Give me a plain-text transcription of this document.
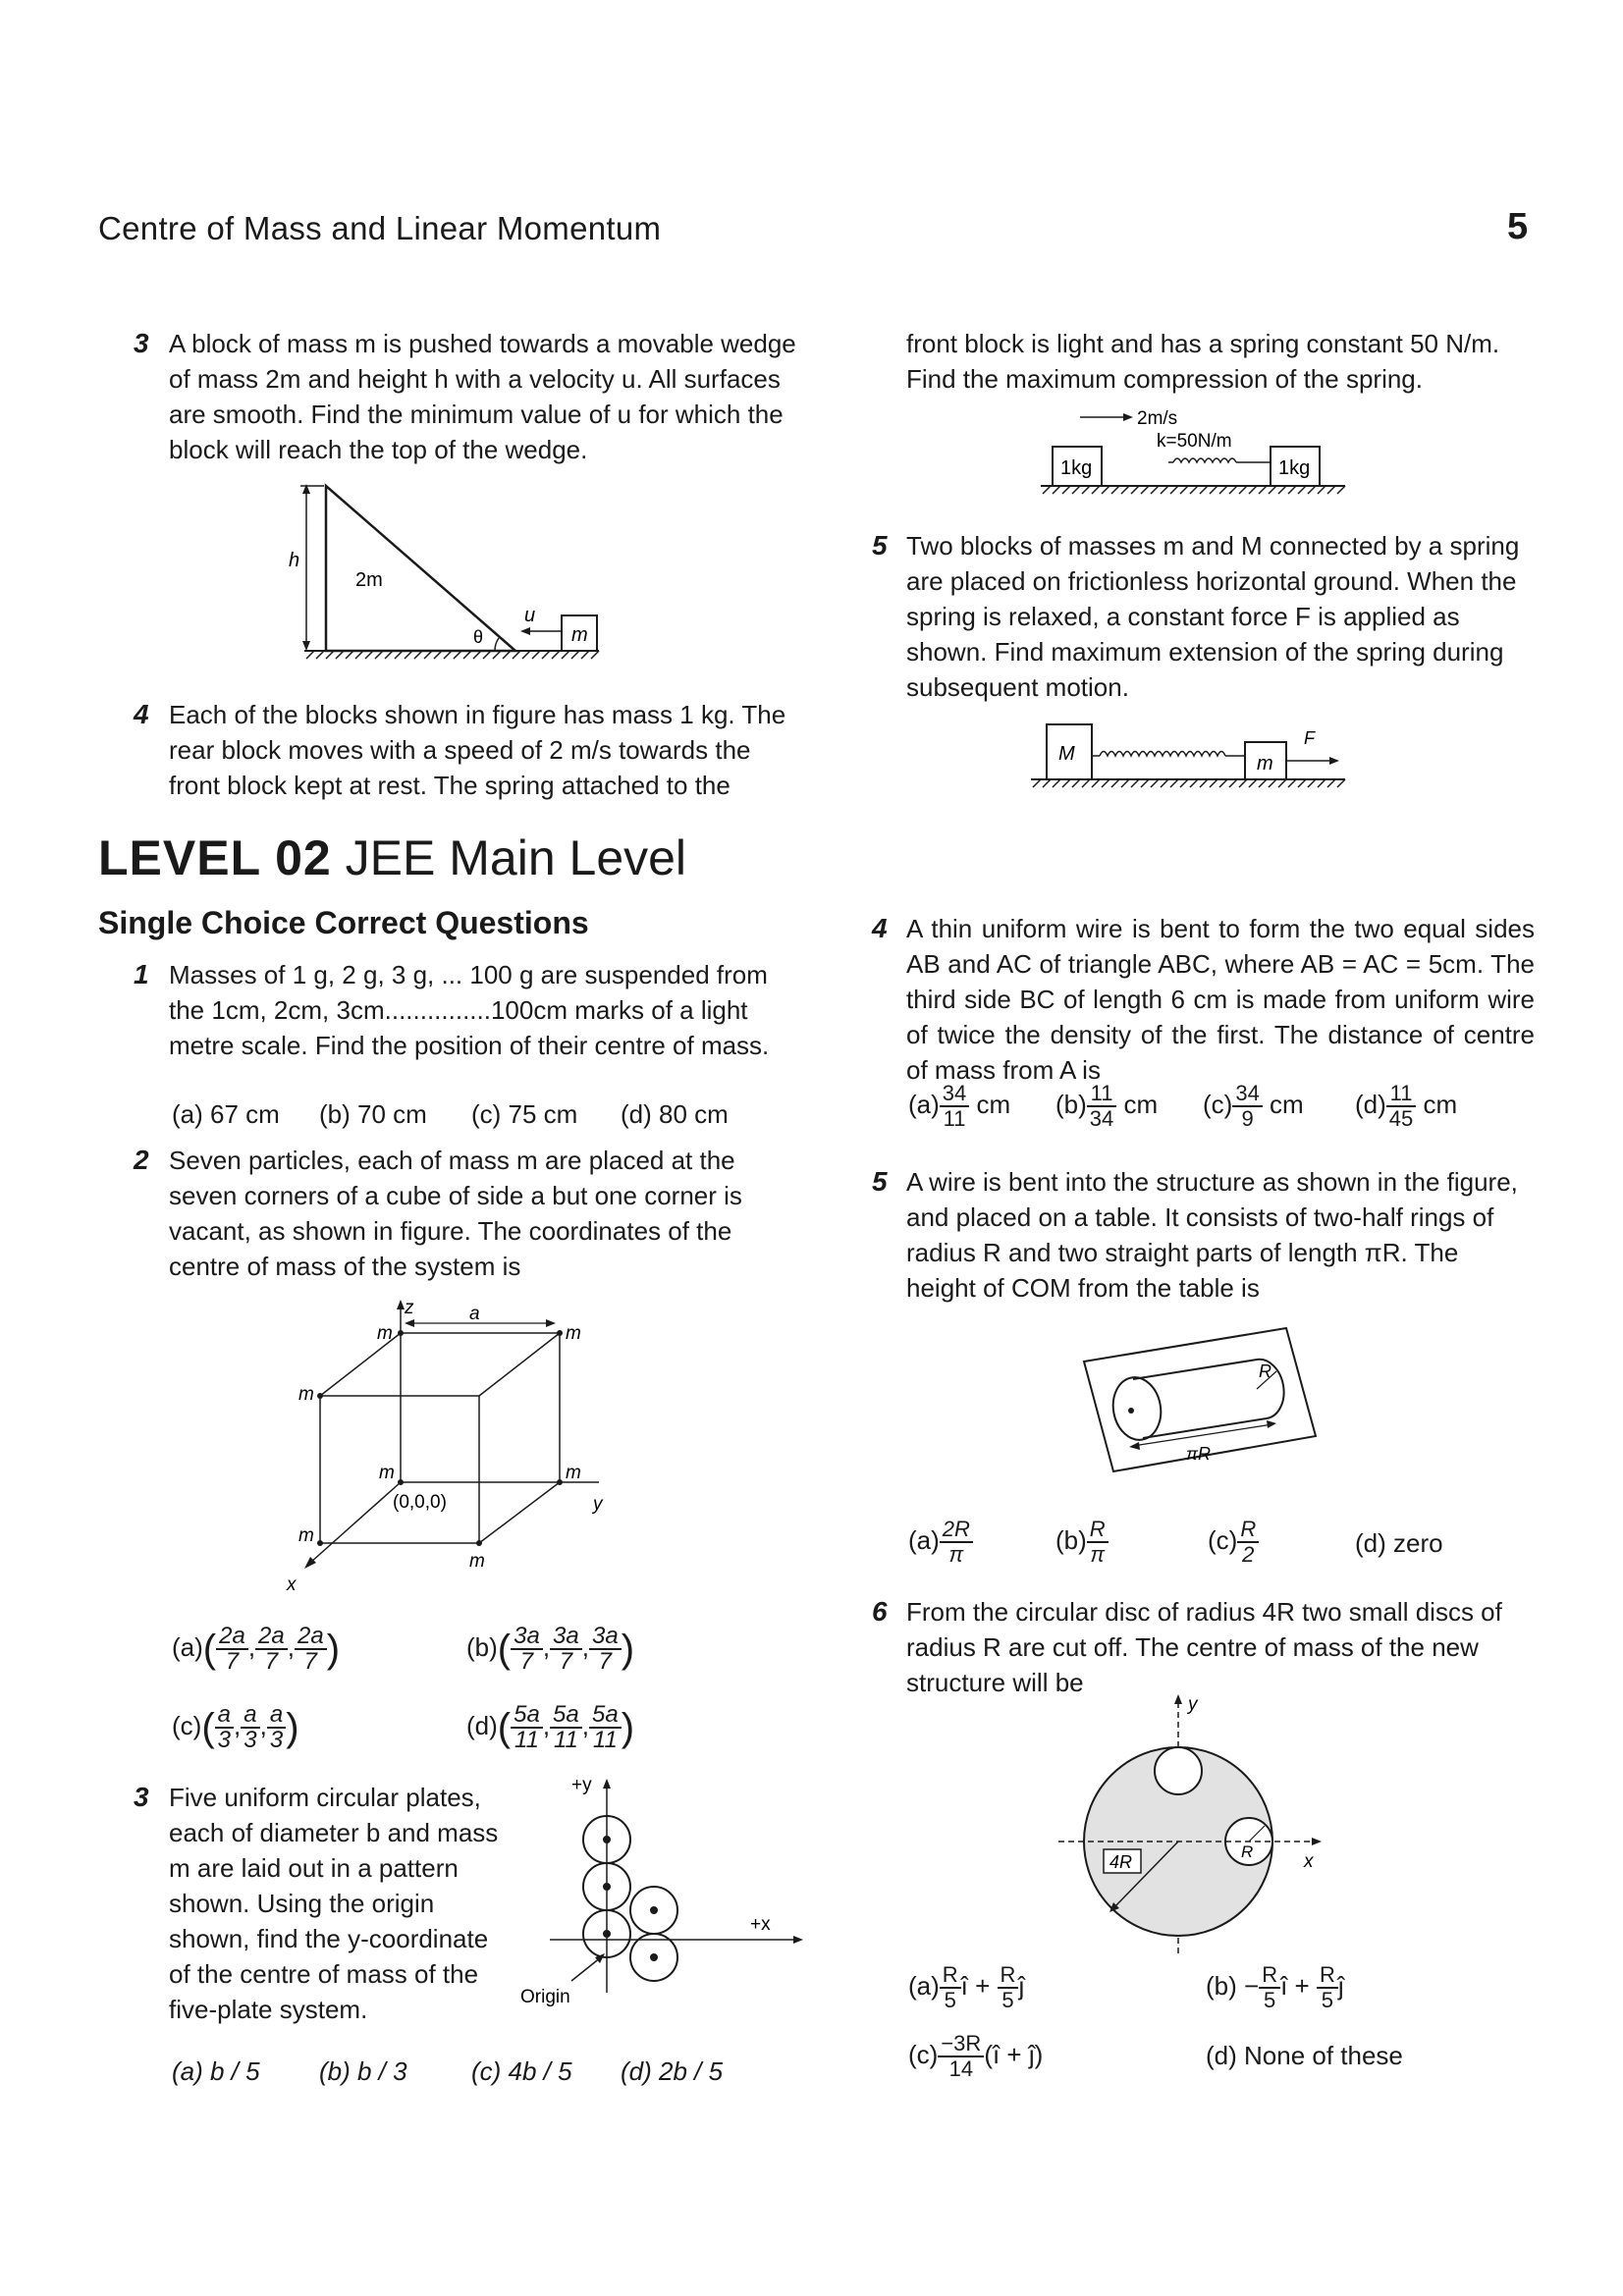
Centre of Mass and Linear Momentum	5
3 A block of mass m is pushed towards a movable wedge of mass 2m and height h with a velocity u. All surfaces are smooth. Find the minimum value of u for which the block will reach the top of the wedge.
h
2m
θ
u
m
4 Each of the blocks shown in figure has mass 1 kg. The rear block moves with a speed of 2 m/s towards the front block kept at rest. The spring attached to the
front block is light and has a spring constant 50 N/m. Find the maximum compression of the spring.
2m/s
k=50N/m
1kg	1kg
5 Two blocks of masses m and M connected by a spring are placed on frictionless horizontal ground. When the spring is relaxed, a constant force F is applied as shown. Find maximum extension of the spring during subsequent motion.
M	m
F
LEVEL 02 JEE Main Level
Single Choice Correct Questions
1 Masses of 1 g, 2 g, 3 g, ... 100 g are suspended from the 1cm, 2cm, 3cm...............100cm marks of a light metre scale. Find the position of their centre of mass.
(a) 67 cm (b) 70 cm (c) 75 cm (d) 80 cm
2 Seven particles, each of mass m are placed at the seven corners of a cube of side a but one corner is vacant, as shown in figure. The coordinates of the centre of mass of the system is
z
y
x
a
m	m
m
m	m
m
m
(0,0,0)
$(a)( \frac{2a}{7}$ , $\frac{2a}{7}$ , $\frac{2a}{7}$ )	$(b)( \frac{3a}{7}$ , $\frac{3a}{7}$ , $\frac{3a}{7}$ )
$(c)( \frac{a}{3}$ , $\frac{a}{3}$ , $\frac{a}{3}$ )	$(d)( \frac{5a}{11}$ , $\frac{5a}{11}$ , $\frac{5a}{11}$ )
3 Five uniform circular plates, each of diameter b and mass m are laid out in a pattern shown. Using the origin shown, find the y-coordinate of the centre of mass of the five-plate system.
+y
+x
Origin
(a) b / 5 (b) b / 3	(c) 4b / 5 (d) 2b / 5
4 A thin uniform wire is bent to form the two equal sides AB and AC of triangle ABC, where AB = AC = 5cm. The third side BC of length 6 cm is made from uniform wire of twice the density of the first. The distance of centre of mass from A is
$(a) \frac{34}{11}$ cm $(b) \frac{11}{34}$ cm $(c) \frac{34}{9}$ cm $(d) \frac{11}{45}$ cm
5 A wire is bent into the structure as shown in the figure, and placed on a table. It consists of two-half rings of radius R and two straight parts of length πR. The height of COM from the table is
R
πR
$(a) \frac{2R}{\pi}$	$(b) \frac{R}{\pi}$	$(c) \frac{R}{2}$	(d) zero
6 From the circular disc of radius 4R two small discs of radius R are cut off. The centre of mass of the new structure will be
y
x
4R
R
$(a) \frac{R}{5}$ î + $\frac{R}{5}$ ĵ	$(b) - \frac{R}{5}$ î + $\frac{R}{5}$ ĵ
$(c) \frac{-3R}{14}$ (î + ĵ)	(d) None of these
